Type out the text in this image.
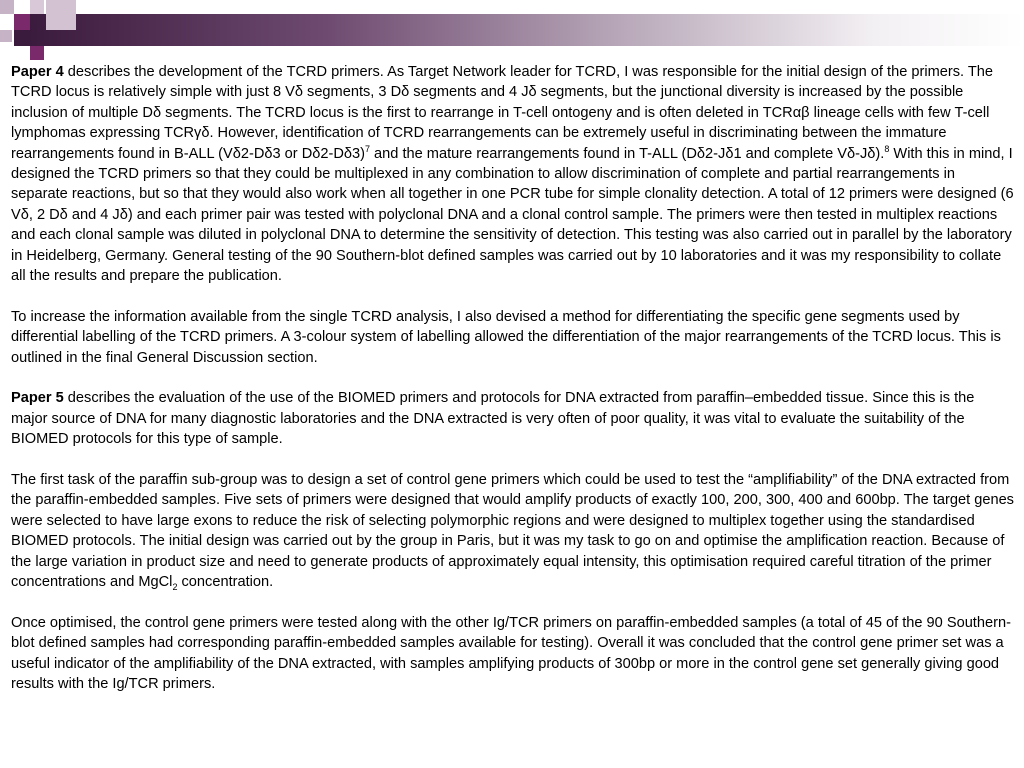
Paper 4 describes the development of the TCRD primers. As Target Network leader for TCRD, I was responsible for the initial design of the primers. The TCRD locus is relatively simple with just 8 Vδ segments, 3 Dδ segments and 4 Jδ segments, but the junctional diversity is increased by the possible inclusion of multiple Dδ segments. The TCRD locus is the first to rearrange in T-cell ontogeny and is often deleted in TCRαβ lineage cells with few T-cell lymphomas expressing TCRγδ. However, identification of TCRD rearrangements can be extremely useful in discriminating between the immature rearrangements found in B-ALL (Vδ2-Dδ3 or Dδ2-Dδ3)$^7$ and the mature rearrangements found in T-ALL (Dδ2-Jδ1 and complete Vδ-Jδ).$^8$ With this in mind, I designed the TCRD primers so that they could be multiplexed in any combination to allow discrimination of complete and partial rearrangements in separate reactions, but so that they would also work when all together in one PCR tube for simple clonality detection. A total of 12 primers were designed (6 Vδ, 2 Dδ and 4 Jδ) and each primer pair was tested with polyclonal DNA and a clonal control sample. The primers were then tested in multiplex reactions and each clonal sample was diluted in polyclonal DNA to determine the sensitivity of detection. This testing was also carried out in parallel by the laboratory in Heidelberg, Germany. General testing of the 90 Southern-blot defined samples was carried out by 10 laboratories and it was my responsibility to collate all the results and prepare the publication.

To increase the information available from the single TCRD analysis, I also devised a method for differentiating the specific gene segments used by differential labelling of the TCRD primers. A 3-colour system of labelling allowed the differentiation of the major rearrangements of the TCRD locus. This is outlined in the final General Discussion section.

Paper 5 describes the evaluation of the use of the BIOMED primers and protocols for DNA extracted from paraffin–embedded tissue. Since this is the major source of DNA for many diagnostic laboratories and the DNA extracted is very often of poor quality, it was vital to evaluate the suitability of the BIOMED protocols for this type of sample.

The first task of the paraffin sub-group was to design a set of control gene primers which could be used to test the “amplifiability” of the DNA extracted from the paraffin-embedded samples. Five sets of primers were designed that would amplify products of exactly 100, 200, 300, 400 and 600bp. The target genes were selected to have large exons to reduce the risk of selecting polymorphic regions and were designed to multiplex together using the standardised BIOMED protocols. The initial design was carried out by the group in Paris, but it was my task to go on and optimise the amplification reaction. Because of the large variation in product size and need to generate products of approximately equal intensity, this optimisation required careful titration of the primer concentrations and MgCl$_2$ concentration.

Once optimised, the control gene primers were tested along with the other Ig/TCR primers on paraffin-embedded samples (a total of 45 of the 90 Southern-blot defined samples had corresponding paraffin-embedded samples available for testing). Overall it was concluded that the control gene primer set was a useful indicator of the amplifiability of the DNA extracted, with samples amplifying products of 300bp or more in the control gene set generally giving good results with the Ig/TCR primers.
